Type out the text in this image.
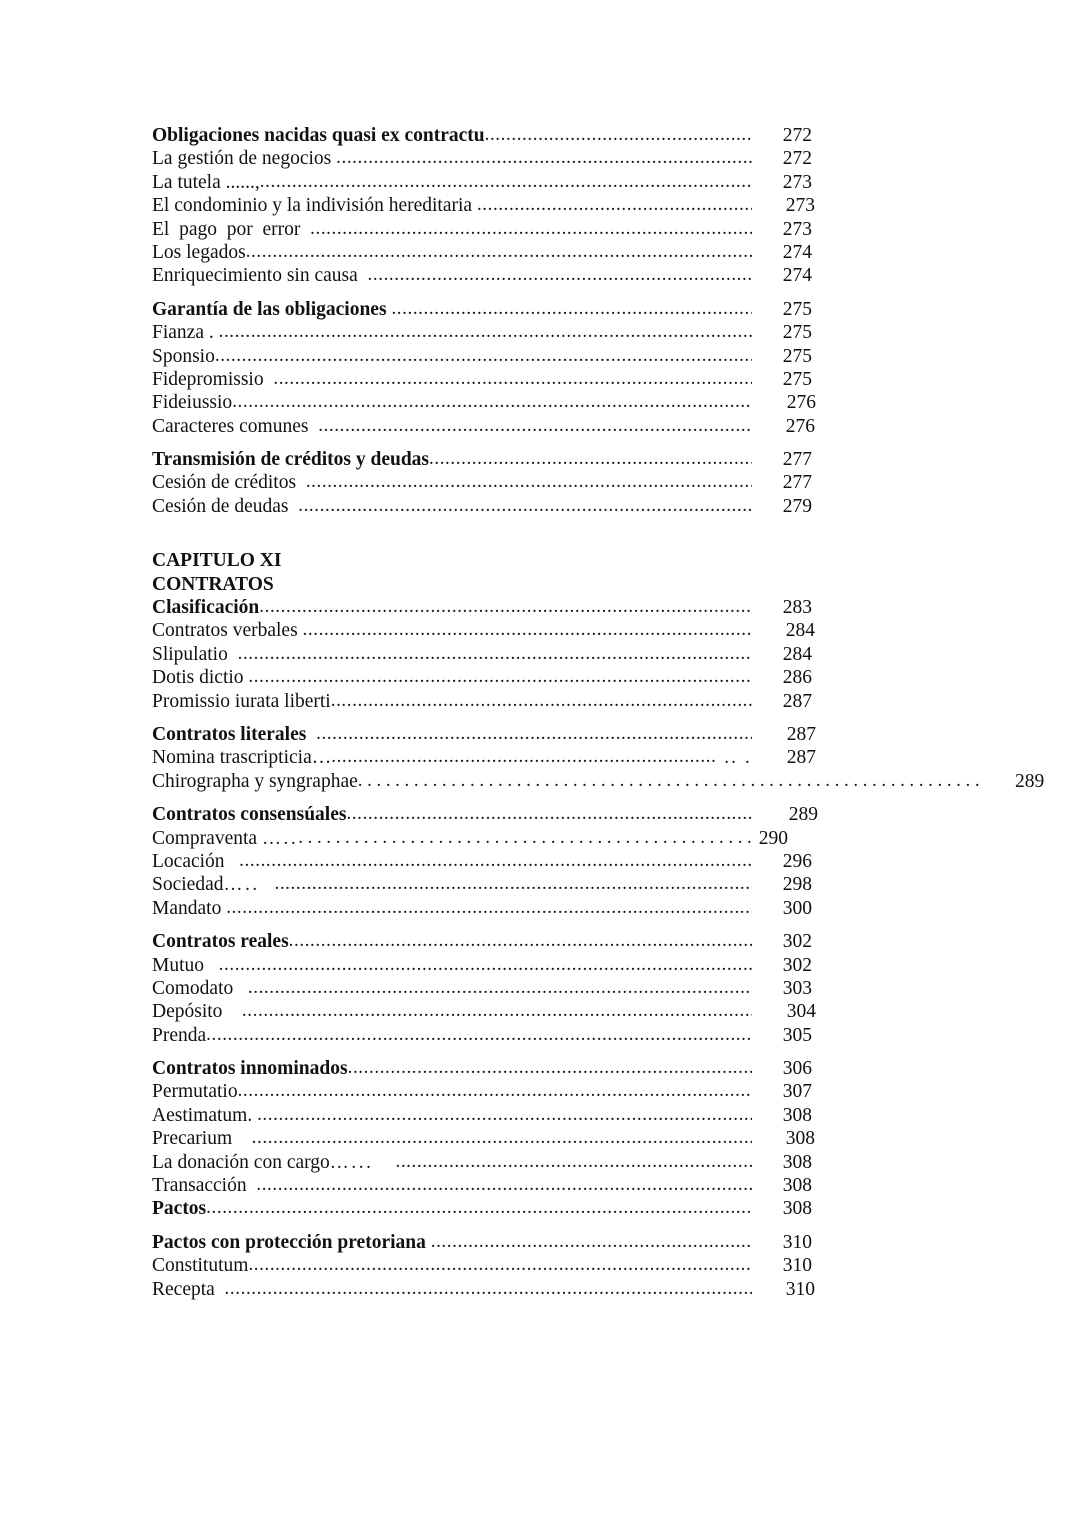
Obligaciones nacidas quasi ex contractu .....	272
La gestión de negocios .....	272
La tutela ......, .....	273
El condominio y la indivisión hereditaria .....	273
El  pago  por  error .....	273
Los legados .....	274
Enriquecimiento sin causa .....	274
Garantía de las obligaciones .....	275
Fianza . .....	275
Sponsio .....	275
Fidepromissio .....	275
Fideiussio .....	276
Caracteres comunes .....	276
Transmisión de créditos y deudas .....	277
Cesión de créditos .....	277
Cesión de deudas .....	279
CAPITULO XI
CONTRATOS
Clasificación .....	283
Contratos verbales .....	284
Slipulatio .....	284
Dotis dictio .....	286
Promissio iurata liberti .....	287
Contratos literales .....	287
Nomina trascripticia… .....	.. .	287
Chirographa y syngraphae .....	289
Contratos consensúales .....	289
Compraventa ….. .....	290
Locación .....	296
Sociedad ….. .....	298
Mandato .....	300
Contratos reales .....	302
Mutuo .....	302
Comodato .....	303
Depósito .....	304
Prenda .....	305
Contratos innominados .....	306
Permutatio .....	307
Aestimatum. .....	308
Precarium .....	308
La donación con cargo …... .....	308
Transacción .....	308
Pactos .....	308
Pactos con protección pretoriana .....	310
Constitutum .....	310
Recepta .....	310
